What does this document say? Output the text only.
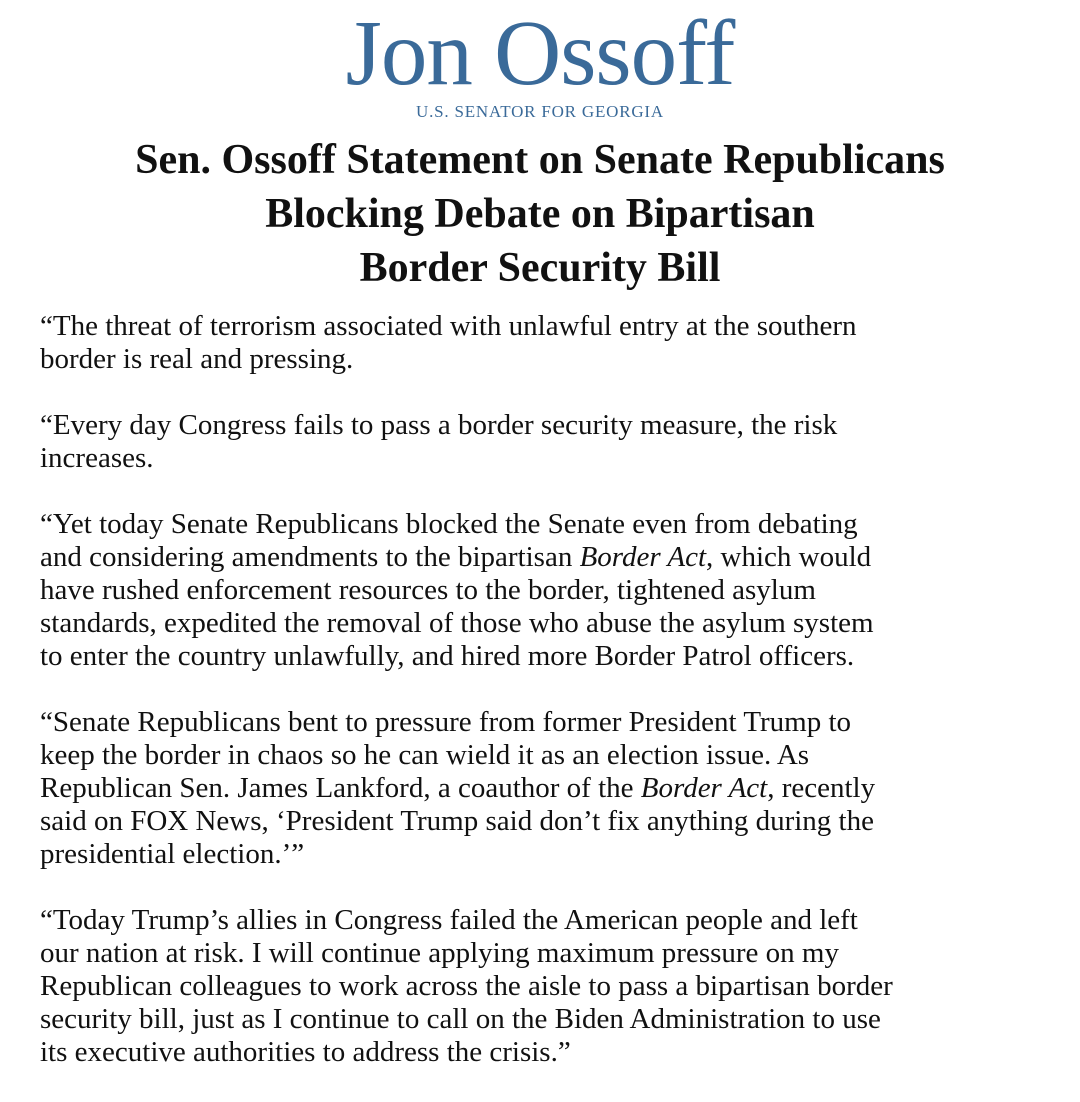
Jon Ossoff
U.S. SENATOR FOR GEORGIA
Sen. Ossoff Statement on Senate Republicans
Blocking Debate on Bipartisan
Border Security Bill

“The threat of terrorism associated with unlawful entry at the southern
border is real and pressing.

“Every day Congress fails to pass a border security measure, the risk
increases.

“Yet today Senate Republicans blocked the Senate even from debating
and considering amendments to the bipartisan Border Act, which would
have rushed enforcement resources to the border, tightened asylum
standards, expedited the removal of those who abuse the asylum system
to enter the country unlawfully, and hired more Border Patrol officers.

“Senate Republicans bent to pressure from former President Trump to
keep the border in chaos so he can wield it as an election issue. As
Republican Sen. James Lankford, a coauthor of the Border Act, recently
said on FOX News, ‘President Trump said don’t fix anything during the
presidential election.’”

“Today Trump’s allies in Congress failed the American people and left
our nation at risk. I will continue applying maximum pressure on my
Republican colleagues to work across the aisle to pass a bipartisan border
security bill, just as I continue to call on the Biden Administration to use
its executive authorities to address the crisis.”
